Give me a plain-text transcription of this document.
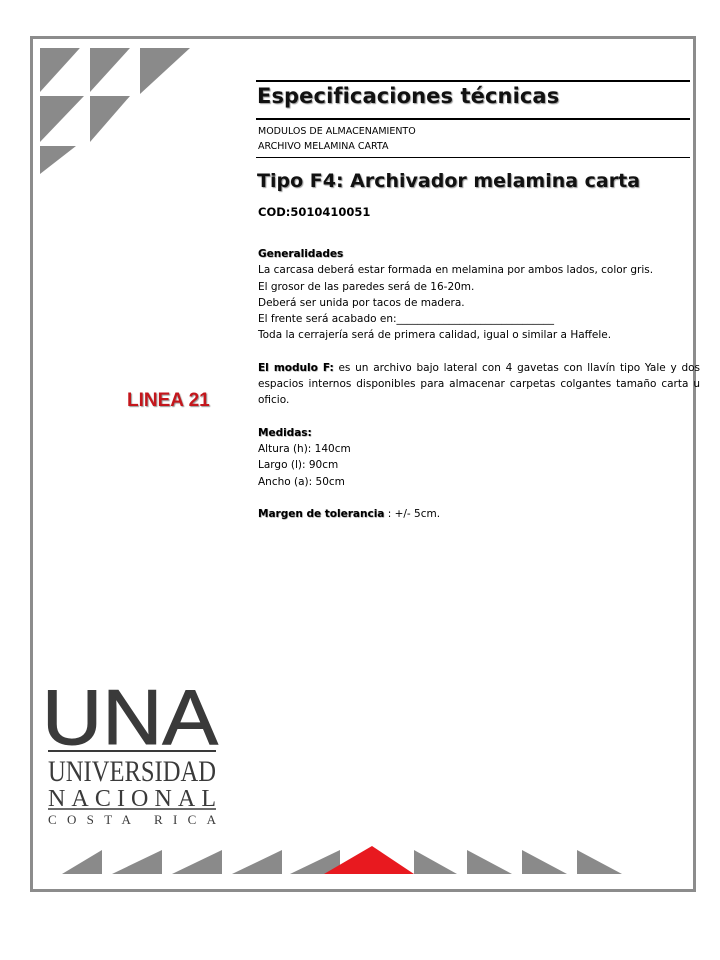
Especificaciones técnicas
MODULOS DE ALMACENAMIENTO
ARCHIVO MELAMINA CARTA
Tipo F4: Archivador melamina carta
COD:5010410051
LINEA 21

Generalidades

La carcasa deberá estar formada en melamina por ambos lados, color gris.

El grosor de las paredes será de 16-20m.

Deberá ser unida por tacos de madera.

El frente será acabado en:______________________________

Toda la cerrajería será de primera calidad, igual o similar a Haffele.

El modulo F: es un archivo bajo lateral con 4 gavetas con llavín tipo Yale y dos espacios internos disponibles para almacenar carpetas colgantes tamaño carta u oficio.

Medidas:

Altura (h): 140cm

Largo (l): 90cm

Ancho (a): 50cm

Margen de tolerancia : +/- 5cm.

UNA
UNIVERSIDAD
NACIONAL
COSTA RICA
